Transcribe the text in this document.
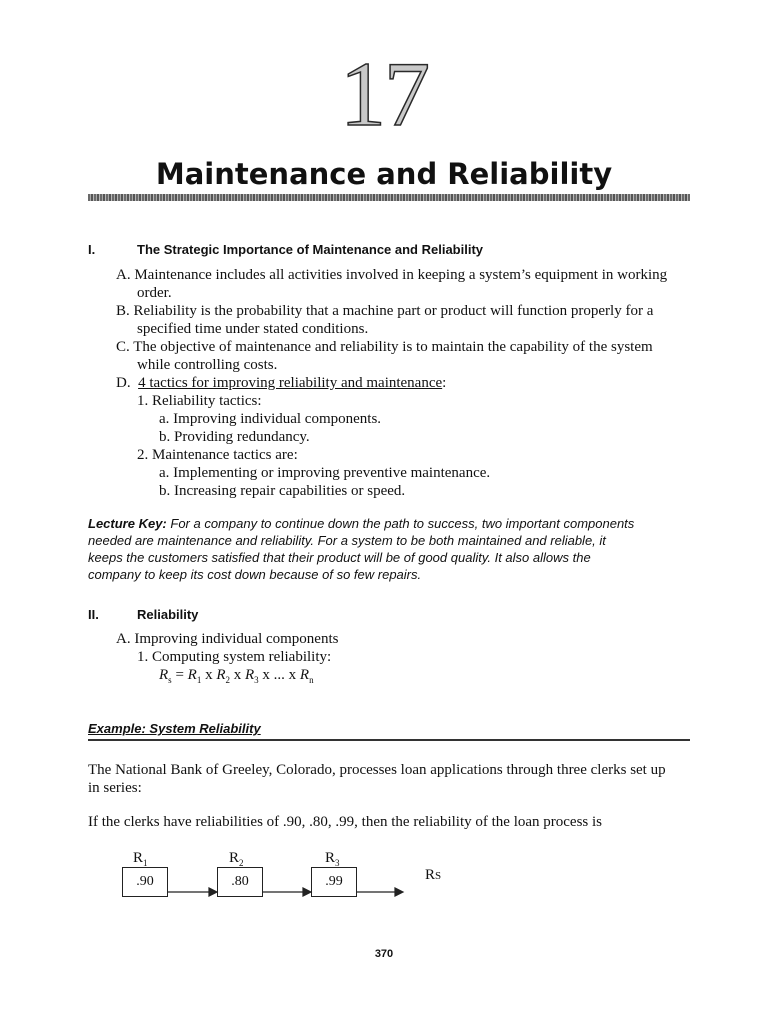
17
Maintenance and Reliability
I.	The Strategic Importance of Maintenance and Reliability
A. Maintenance includes all activities involved in keeping a system’s equipment in working
order.
B. Reliability is the probability that a machine part or product will function properly for a
specified time under stated conditions.
C. The objective of maintenance and reliability is to maintain the capability of the system
while controlling costs.
D. 4 tactics for improving reliability and maintenance:
1. Reliability tactics:
a. Improving individual components.
b. Providing redundancy.
2. Maintenance tactics are:
a. Implementing or improving preventive maintenance.
b. Increasing repair capabilities or speed.
Lecture Key: For a company to continue down the path to success, two important components
needed are maintenance and reliability. For a system to be both maintained and reliable, it
keeps the customers satisfied that their product will be of good quality. It also allows the
company to keep its cost down because of so few repairs.
II.	Reliability
A. Improving individual components
1. Computing system reliability:
$R_s = R_1$ x $R_2$ x $R_3$ x ... x $R_n$
Example: System Reliability
The National Bank of Greeley, Colorado, processes loan applications through three clerks set up
in series:
If the clerks have reliabilities of .90, .80, .99, then the reliability of the loan process is
$R_1$	$R_2$	$R_3$
.90	.80	.99	RS
370
